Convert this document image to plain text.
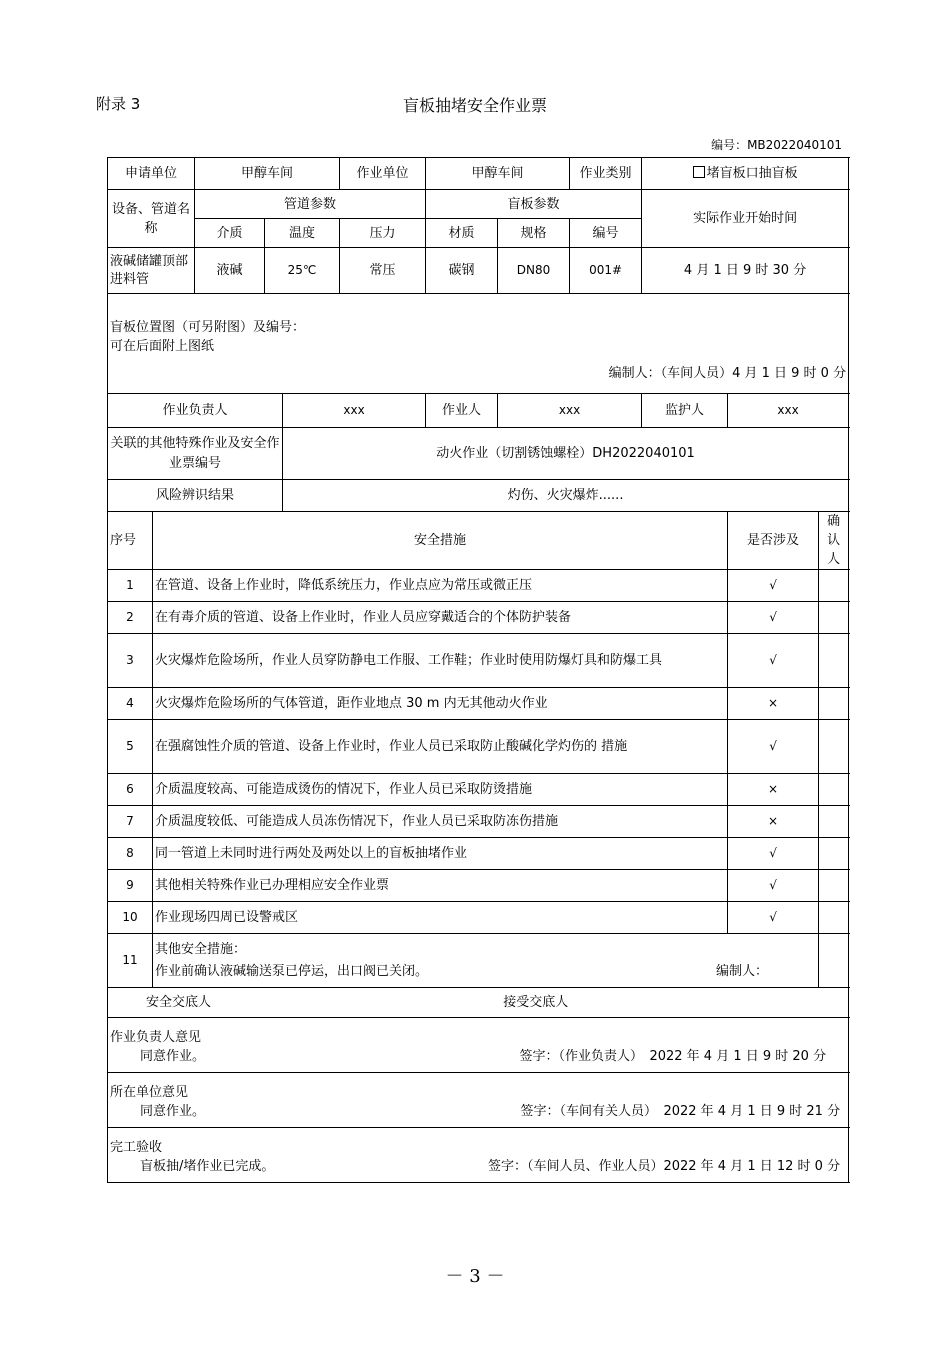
附录 3	盲板抽堵安全作业票
编号：MB2022040101
申请单位		甲醇车间			作业单位	甲醇车间		作业类别	堵盲板口抽盲板		
设备、管道名称		管道参数				盲板参数			实际作业开始时间		
		介质	温度		压力	材质	规格	编号			
液碱储罐顶部进料管		液碱	25℃		常压	碳钢	DN80	001#	4 月 1 日 9 时 30 分		

盲板位置图（可另附图）及编号：
可在后面附上图纸
编制人：（车间人员）4 月 1 日 9 时 0 分											

作业负责人				xxx		作业人	xxx		监护人	xxx	
关联的其他特殊作业及安全作业票编号				动火作业（切割锈蚀螺栓）DH2022040101							
风险辨识结果				灼伤、火灾爆炸......							
序号	安全措施									是否涉及	确认人
1	在管道、设备上作业时，降低系统压力，作业点应为常压或微正压									√	
2	在有毒介质的管道、设备上作业时，作业人员应穿戴适合的个体防护装备									√	
3	火灾爆炸危险场所，作业人员穿防静电工作服、工作鞋；作业时使用防爆灯具和防爆工具									√	
4	火灾爆炸危险场所的气体管道，距作业地点 30 m 内无其他动火作业									×	
5	在强腐蚀性介质的管道、设备上作业时，作业人员已采取防止酸碱化学灼伤的 措施									√	
6	介质温度较高、可能造成烫伤的情况下，作业人员已采取防烫措施									×	
7	介质温度较低、可能造成人员冻伤情况下，作业人员已采取防冻伤措施									×	
8	同一管道上未同时进行两处及两处以上的盲板抽堵作业									√	
9	其他相关特殊作业已办理相应安全作业票									√	
10	作业现场四周已设警戒区									√	
11	其他安全措施：
作业前确认液碱输送泵已停运，出口阀已关闭。 编制人：										

安全交底人 接受交底人											

作业负责人意见
同意作业。 签字：（作业负责人）　2022 年 4 月 1 日 9 时 20 分											

所在单位意见
同意作业。 签字：（车间有关人员）　2022 年 4 月 1 日 9 时 21 分											

完工验收
盲板抽/堵作业已完成。 签字：（车间人员、作业人员）2022 年 4 月 1 日 12 时 0 分											
－ 3 －
